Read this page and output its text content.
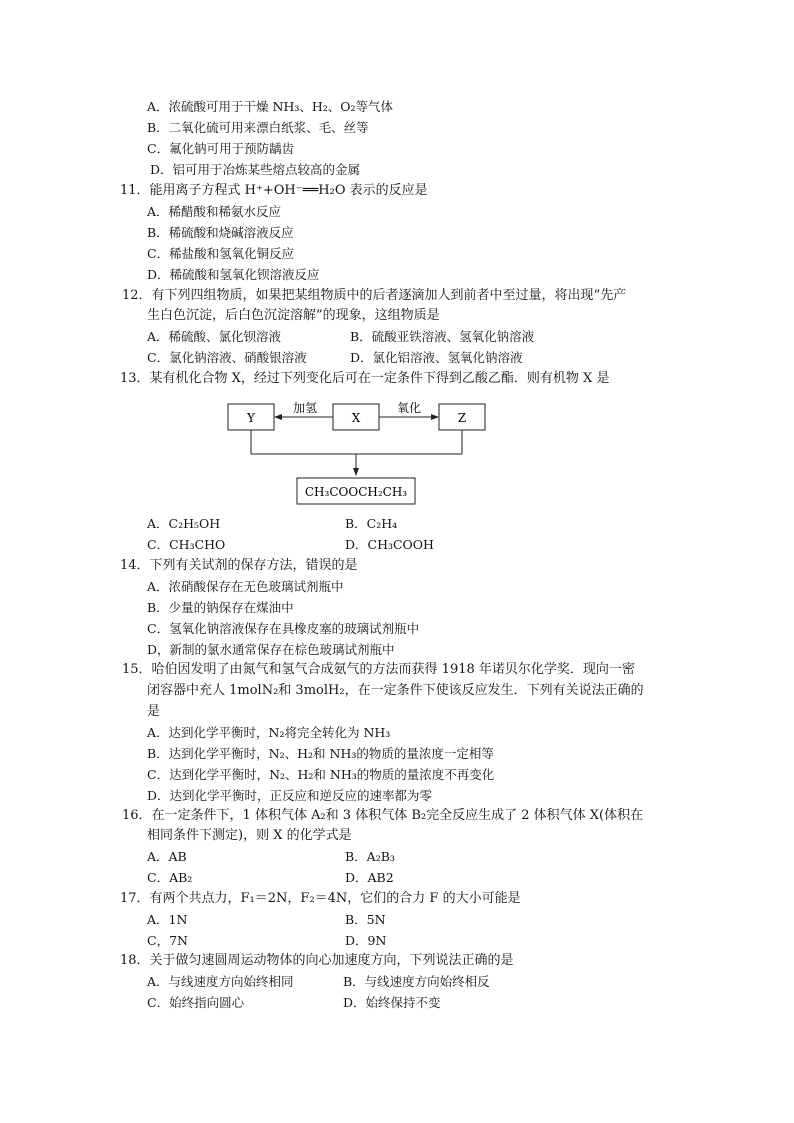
A．浓硫酸可用于干燥 NH₃、H₂、O₂等气体
B．二氧化硫可用来漂白纸浆、毛、丝等
C．氟化钠可用于预防龋齿
D．铝可用于冶炼某些熔点较高的金属
11．能用离子方程式 H⁺+OH⁻══H₂O 表示的反应是
A．稀醋酸和稀氨水反应
B．稀硫酸和烧碱溶液反应
C．稀盐酸和氢氧化铜反应
D．稀硫酸和氢氧化钡溶液反应
12．有下列四组物质，如果把某组物质中的后者逐滴加人到前者中至过量，将出现“先产
生白色沉淀，后白色沉淀溶解”的现象，这组物质是
A．稀硫酸、氯化钡溶液	B．硫酸亚铁溶液、氢氧化钠溶液
C．氯化钠溶液、硝酸银溶液	D．氯化铝溶液、氢氧化钠溶液
13．某有机化合物 X，经过下列变化后可在一定条件下得到乙酸乙酯．则有机物 X 是
Y	X	Z
加氢	氧化
CH₃COOCH₂CH₃
A．C₂H₅OH	B．C₂H₄
C．CH₃CHO	D．CH₃COOH
14．下列有关试剂的保存方法，错误的是
A．浓硝酸保存在无色玻璃试剂瓶中
B．少量的钠保存在煤油中
C．氢氧化钠溶液保存在具橡皮塞的玻璃试剂瓶中
D，新制的氯水通常保存在棕色玻璃试剂瓶中
15．哈伯因发明了由氮气和氢气合成氨气的方法而获得 1918 年诺贝尔化学奖．现向一密
闭容器中充人 1molN₂和 3molH₂，在一定条件下使该反应发生．下列有关说法正确的
是
A．达到化学平衡时，N₂将完全转化为 NH₃
B．达到化学平衡时，N₂、H₂和 NH₃的物质的量浓度一定相等
C．达到化学平衡时，N₂、H₂和 NH₃的物质的量浓度不再变化
D．达到化学平衡时，正反应和逆反应的速率都为零
16．在一定条件下，1 体积气体 A₂和 3 体积气体 B₂完全反应生成了 2 体积气体 X(体积在
相同条件下测定)，则 X 的化学式是
A．AB	B．A₂B₃
C．AB₂	D．AB2
17．有两个共点力，F₁＝2N，F₂＝4N，它们的合力 F 的大小可能是
A．1N	B．5N
C，7N	D．9N
18．关于做匀速圆周运动物体的向心加速度方向，下列说法正确的是
A．与线速度方向始终相同	B．与线速度方向始终相反
C．始终指向圆心	D．始终保持不变
